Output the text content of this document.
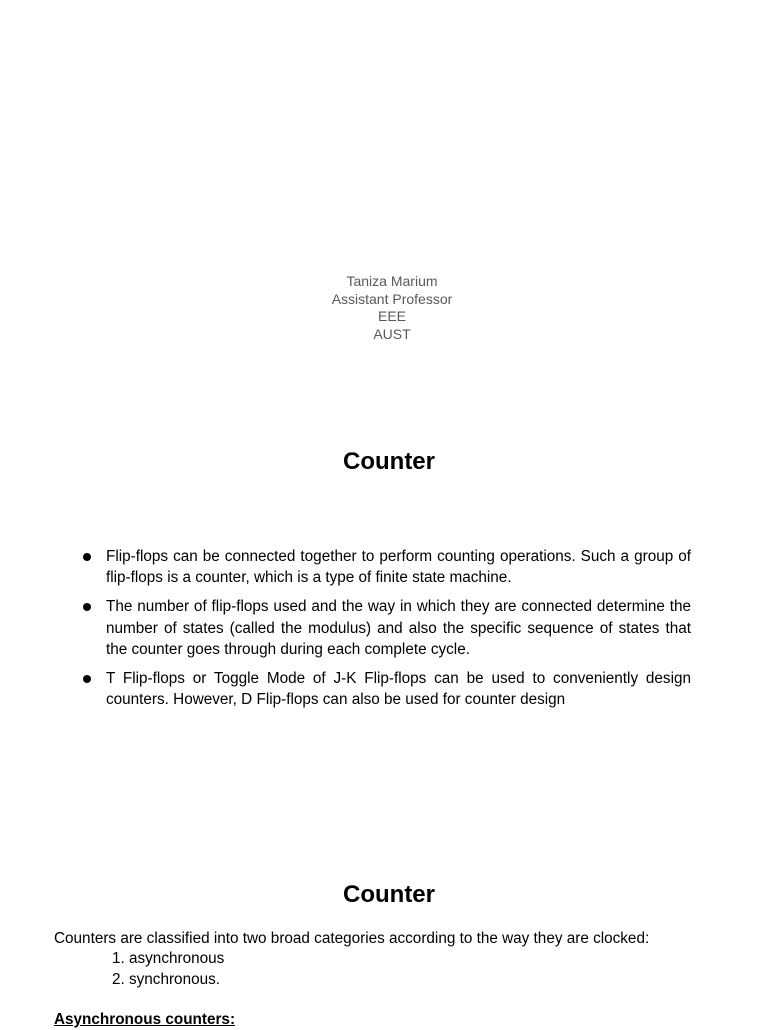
Taniza Marium
Assistant Professor
EEE
AUST
Counter
Flip-flops can be connected together to perform counting operations. Such a group of flip-flops is a counter, which is a type of finite state machine.
The number of flip-flops used and the way in which they are connected determine the number of states (called the modulus) and also the specific sequence of states that the counter goes through during each complete cycle.
T Flip-flops or Toggle Mode of J-K Flip-flops can be used to conveniently design counters. However, D Flip-flops can also be used for counter design
Counter

Counters are classified into two broad categories according to the way they are clocked:

1. asynchronous
2. synchronous.
Asynchronous counters:
